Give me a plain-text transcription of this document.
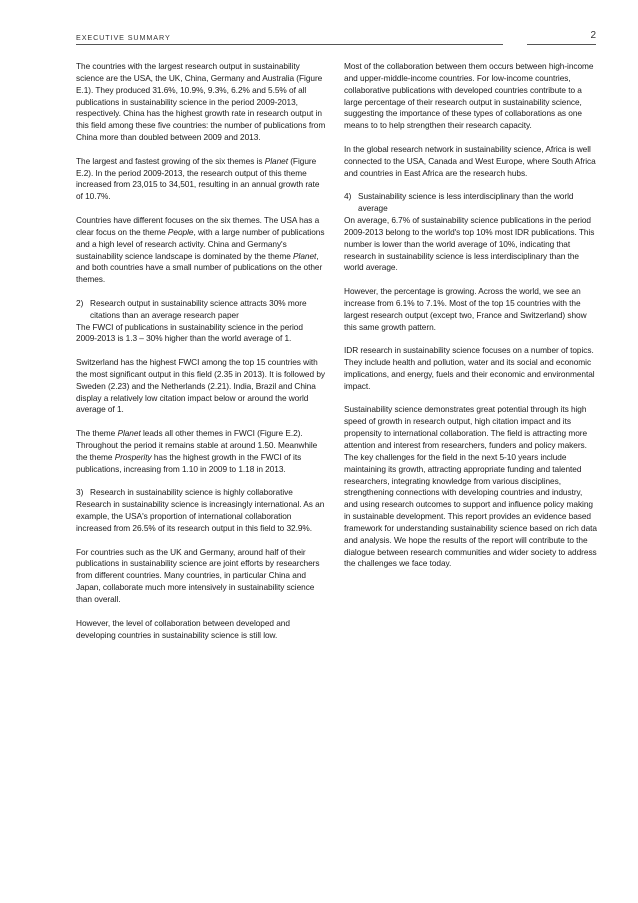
EXECUTIVE SUMMARY	2

The countries with the largest research output in sustainability science are the USA, the UK, China, Germany and Australia (Figure E.1). They produced 31.6%, 10.9%, 9.3%, 6.2% and 5.5% of all publications in sustainability science in the period 2009-2013, respectively. China has the highest growth rate in research output in this field among these five countries: the number of publications from China more than doubled between 2009 and 2013.

The largest and fastest growing of the six themes is Planet (Figure E.2). In the period 2009-2013, the research output of this theme increased from 23,015 to 34,501, resulting in an annual growth rate of 10.7%.

Countries have different focuses on the six themes. The USA has a clear focus on the theme People, with a large number of publications and a high level of research activity. China and Germany's sustainability science landscape is dominated by the theme Planet, and both countries have a small number of publications on the other themes.

2) Research output in sustainability science attracts 30% more citations than an average research paper

The FWCI of publications in sustainability science in the period 2009-2013 is 1.3 – 30% higher than the world average of 1.

Switzerland has the highest FWCI among the top 15 countries with the most significant output in this field (2.35 in 2013). It is followed by Sweden (2.23) and the Netherlands (2.21). India, Brazil and China display a relatively low citation impact below or around the world average of 1.

The theme Planet leads all other themes in FWCI (Figure E.2). Throughout the period it remains stable at around 1.50. Meanwhile the theme Prosperity has the highest growth in the FWCI of its publications, increasing from 1.10 in 2009 to 1.18 in 2013.

3) Research in sustainability science is highly collaborative

Research in sustainability science is increasingly international. As an example, the USA's proportion of international collaboration increased from 26.5% of its research output in this field to 32.9%.

For countries such as the UK and Germany, around half of their publications in sustainability science are joint efforts by researchers from different countries. Many countries, in particular China and Japan, collaborate much more intensively in sustainability science than overall.

However, the level of collaboration between developed and developing countries in sustainability science is still low.

Most of the collaboration between them occurs between high-income and upper-middle-income countries. For low-income countries, collaborative publications with developed countries contribute to a large percentage of their research output in sustainability science, suggesting the importance of these types of collaborations as one means to to help strengthen their research capacity.

In the global research network in sustainability science, Africa is well connected to the USA, Canada and West Europe, where South Africa and countries in East Africa are the research hubs.

4) Sustainability science is less interdisciplinary than the world average

On average, 6.7% of sustainability science publications in the period 2009-2013 belong to the world's top 10% most IDR publications. This number is lower than the world average of 10%, indicating that research in sustainability science is less interdisciplinary than the world average.

However, the percentage is growing. Across the world, we see an increase from 6.1% to 7.1%. Most of the top 15 countries with the largest research output (except two, France and Switzerland) show this same growth pattern.

IDR research in sustainability science focuses on a number of topics. They include health and pollution, water and its social and economic implications, and energy, fuels and their economic and environmental impact.

Sustainability science demonstrates great potential through its high speed of growth in research output, high citation impact and its propensity to international collaboration. The field is attracting more attention and interest from researchers, funders and policy makers. The key challenges for the field in the next 5-10 years include maintaining its growth, attracting appropriate funding and talented researchers, integrating knowledge from various disciplines, strengthening connections with developing countries and industry, and using research outcomes to support and influence policy making in sustainable development. This report provides an evidence based framework for understanding sustainability science based on rich data and analysis. We hope the results of the report will contribute to the dialogue between research communities and wider society to address the challenges we face today.
